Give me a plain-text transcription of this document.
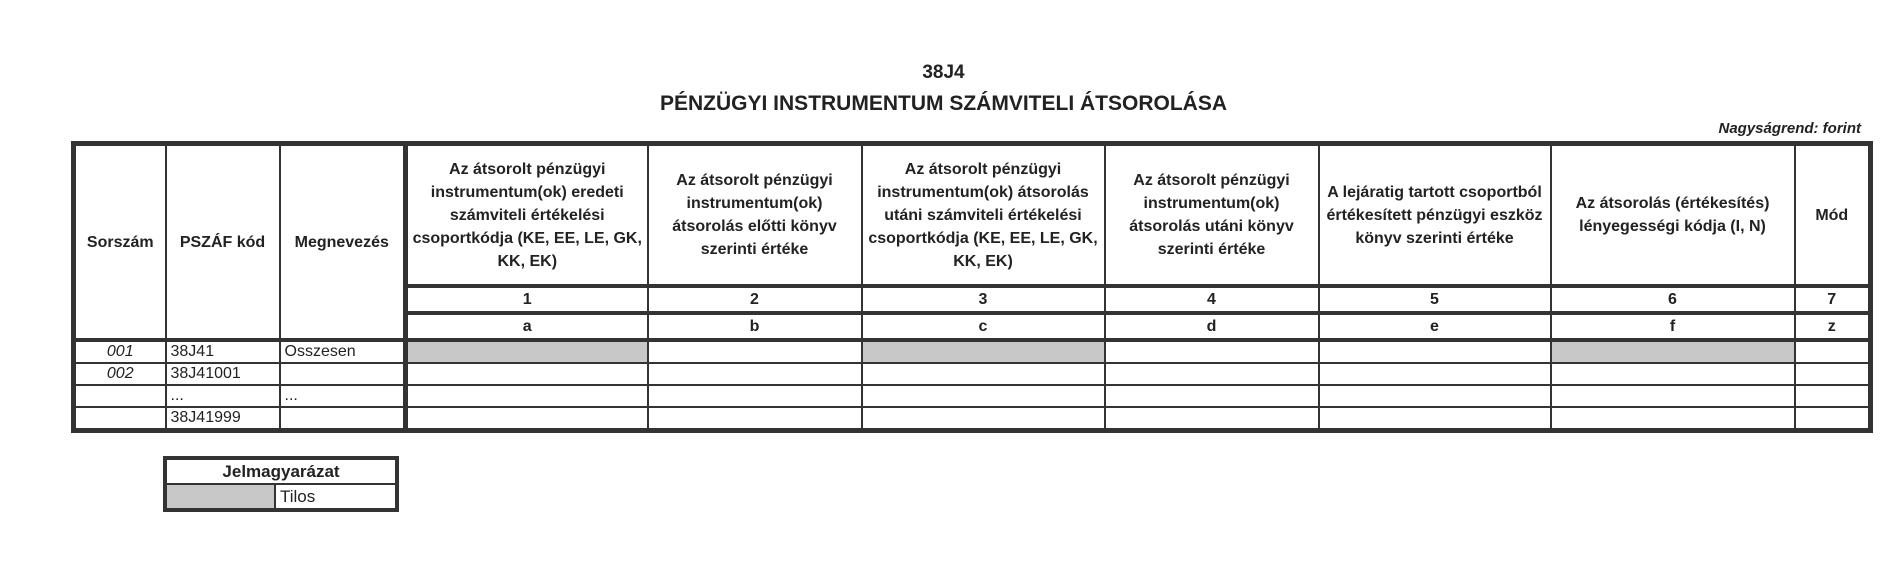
38J4
PÉNZÜGYI INSTRUMENTUM SZÁMVITELI ÁTSOROLÁSA
Nagyságrend: forint
Sorszám	PSZÁF kód	Megnevezés	Az átsorolt pénzügyi instrumentum(ok) eredeti számviteli értékelési csoportkódja (KE, EE, LE, GK, KK, EK)	Az átsorolt pénzügyi instrumentum(ok) átsorolás előtti könyv szerinti értéke	Az átsorolt pénzügyi instrumentum(ok) átsorolás utáni számviteli értékelési csoportkódja (KE, EE, LE, GK, KK, EK)	Az átsorolt pénzügyi instrumentum(ok) átsorolás utáni könyv szerinti értéke	A lejáratig tartott csoportból értékesített pénzügyi eszköz könyv szerinti értéke	Az átsorolás (értékesítés) lényegességi kódja (I, N)	Mód
			1	2	3	4	5	6	7
			a	b	c	d	e	f	z
001	38J41	Osszesen							
002	38J41001								
	...	...							
	38J41999								
Jelmagyarázat
	Tilos
